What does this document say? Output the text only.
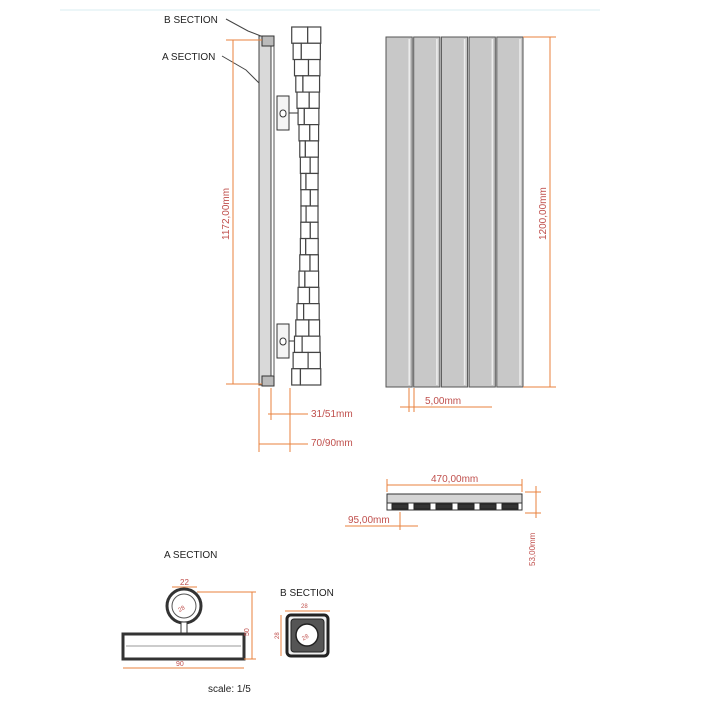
B SECTION
A SECTION
1172,00mm
31/51mm
70/90mm
1200,00mm
5,00mm
470,00mm
53,00mm
95,00mm
A SECTION
22
28
50
90
B SECTION
28
28
28
scale: 1/5
